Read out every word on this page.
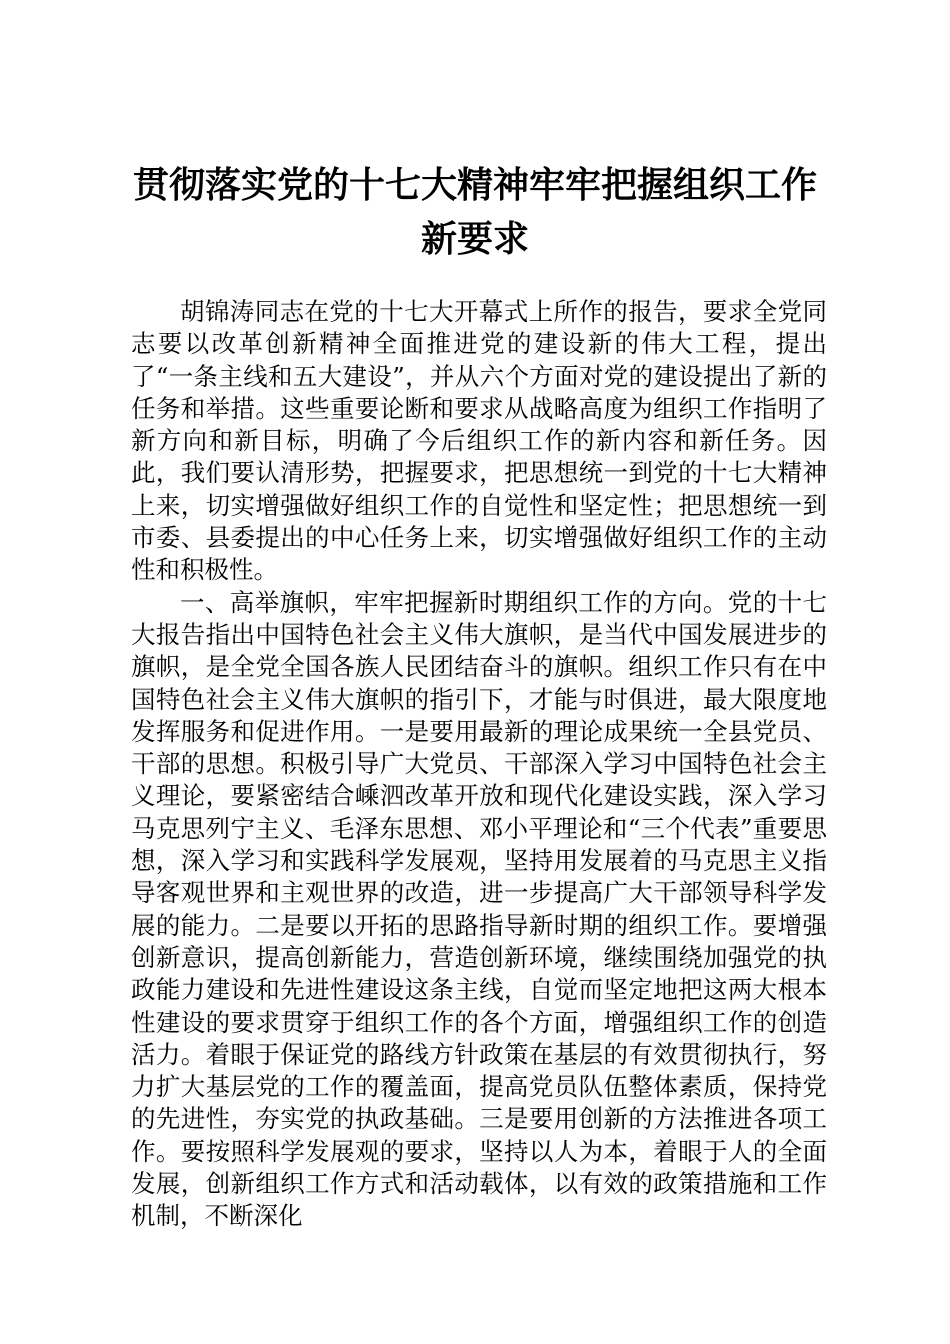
贯彻落实党的十七大精神牢牢把握组织工作新要求

胡锦涛同志在党的十七大开幕式上所作的报告，要求全党同志要以改革创新精神全面推进党的建设新的伟大工程，提出了“一条主线和五大建设”，并从六个方面对党的建设提出了新的任务和举措。这些重要论断和要求从战略高度为组织工作指明了新方向和新目标，明确了今后组织工作的新内容和新任务。因此，我们要认清形势，把握要求，把思想统一到党的十七大精神上来，切实增强做好组织工作的自觉性和坚定性；把思想统一到市委、县委提出的中心任务上来，切实增强做好组织工作的主动性和积极性。

一、高举旗帜，牢牢把握新时期组织工作的方向。党的十七大报告指出中国特色社会主义伟大旗帜，是当代中国发展进步的旗帜，是全党全国各族人民团结奋斗的旗帜。组织工作只有在中国特色社会主义伟大旗帜的指引下，才能与时俱进，最大限度地发挥服务和促进作用。一是要用最新的理论成果统一全县党员、干部的思想。积极引导广大党员、干部深入学习中国特色社会主义理论，要紧密结合嵊泗改革开放和现代化建设实践，深入学习马克思列宁主义、毛泽东思想、邓小平理论和“三个代表”重要思想，深入学习和实践科学发展观，坚持用发展着的马克思主义指导客观世界和主观世界的改造，进一步提高广大干部领导科学发展的能力。二是要以开拓的思路指导新时期的组织工作。要增强创新意识，提高创新能力，营造创新环境，继续围绕加强党的执政能力建设和先进性建设这条主线，自觉而坚定地把这两大根本性建设的要求贯穿于组织工作的各个方面，增强组织工作的创造活力。着眼于保证党的路线方针政策在基层的有效贯彻执行，努力扩大基层党的工作的覆盖面，提高党员队伍整体素质，保持党的先进性，夯实党的执政基础。三是要用创新的方法推进各项工作。要按照科学发展观的要求，坚持以人为本，着眼于人的全面发展，创新组织工作方式和活动载体，以有效的政策措施和工作机制，不断深化
